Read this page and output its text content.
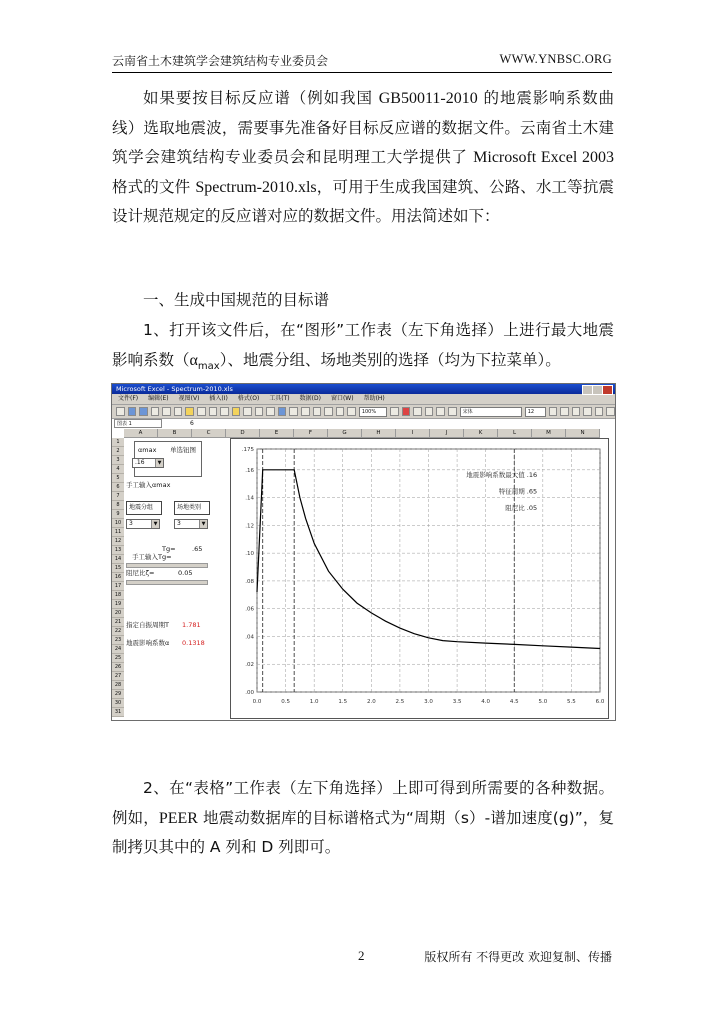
云南省土木建筑学会建筑结构专业委员会	WWW.YNBSC.ORG

如果要按目标反应谱（例如我国 GB50011-2010 的地震影响系数曲线）选取地震波，需要事先准备好目标反应谱的数据文件。云南省土木建筑学会建筑结构专业委员会和昆明理工大学提供了 Microsoft Excel 2003 格式的文件 Spectrum-2010.xls，可用于生成我国建筑、公路、水工等抗震设计规范规定的反应谱对应的数据文件。用法简述如下：

一、生成中国规范的目标谱

1、打开该文件后，在“图形”工作表（左下角选择）上进行最大地震影响系数$(\alpha_{max})$、地震分组、场地类别的选择（均为下拉菜单）。

Microsoft Excel - Spectrum-2010.xls
文件(F) 编辑(E) 视图(V) 插入(I) 格式(O) 工具(T) 数据(D) 窗口(W) 帮助(H)
100%	宋体	12
图表 1	6
αmax 单选钮图
.16	▼
手工输入αmax
地震分组	场地类别
3	▼	3	▼
Tg=	.65
手工输入Tg=
阻尼比ζ=	0.05
指定自振周期T 1.781
地震影响系数α 0.1318
.175
.16
.14
.12
.10
.08
.06
.04
.02
.00
0.0	0.5	1.0	1.5	2.0	2.5	3.0	3.5	4.0	4.5	5.0	5.5	6.0
地震影响系数最大值 .16
特征周期 .65
阻尼比 .05
A	B	C	D	E	F	G	H	I	J	K	L	M	N
1
2
3
4
5
6
7
8
9
10
11
12
13
14
15
16
17
18
19
20
21
22
23
24
25
26
27
28
29
30
31

2、在“表格”工作表（左下角选择）上即可得到所需要的各种数据。例如，PEER 地震动数据库的目标谱格式为“周期（s）-谱加速度(g)”，复制拷贝其中的 A 列和 D 列即可。

2	版权所有 不得更改 欢迎复制、传播
